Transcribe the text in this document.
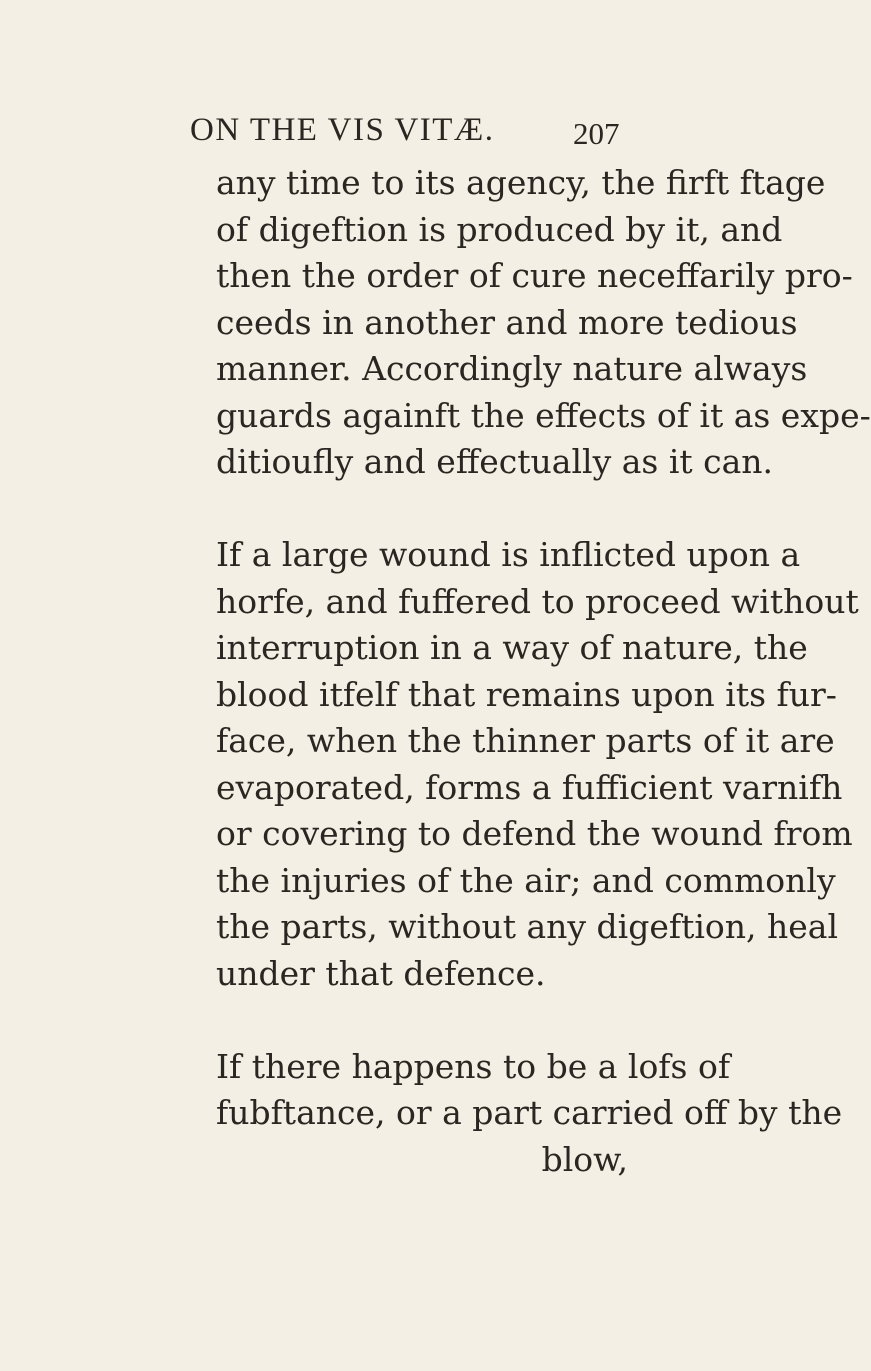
ON THE VIS VITÆ.	207
any time to its agency, the firft ftage
of digeftion is produced by it, and
then the order of cure neceffarily pro-
ceeds in another and more tedious
manner. Accordingly nature always
guards againft the effects of it as expe-
ditioufly and effectually as it can.
If a large wound is inflicted upon a
horfe, and fuffered to proceed without
interruption in a way of nature, the
blood itfelf that remains upon its fur-
face, when the thinner parts of it are
evaporated, forms a fufficient varnifh
or covering to defend the wound from
the injuries of the air; and commonly
the parts, without any digeftion, heal
under that defence.
If there happens to be a lofs of
fubftance, or a part carried off by the
blow,
